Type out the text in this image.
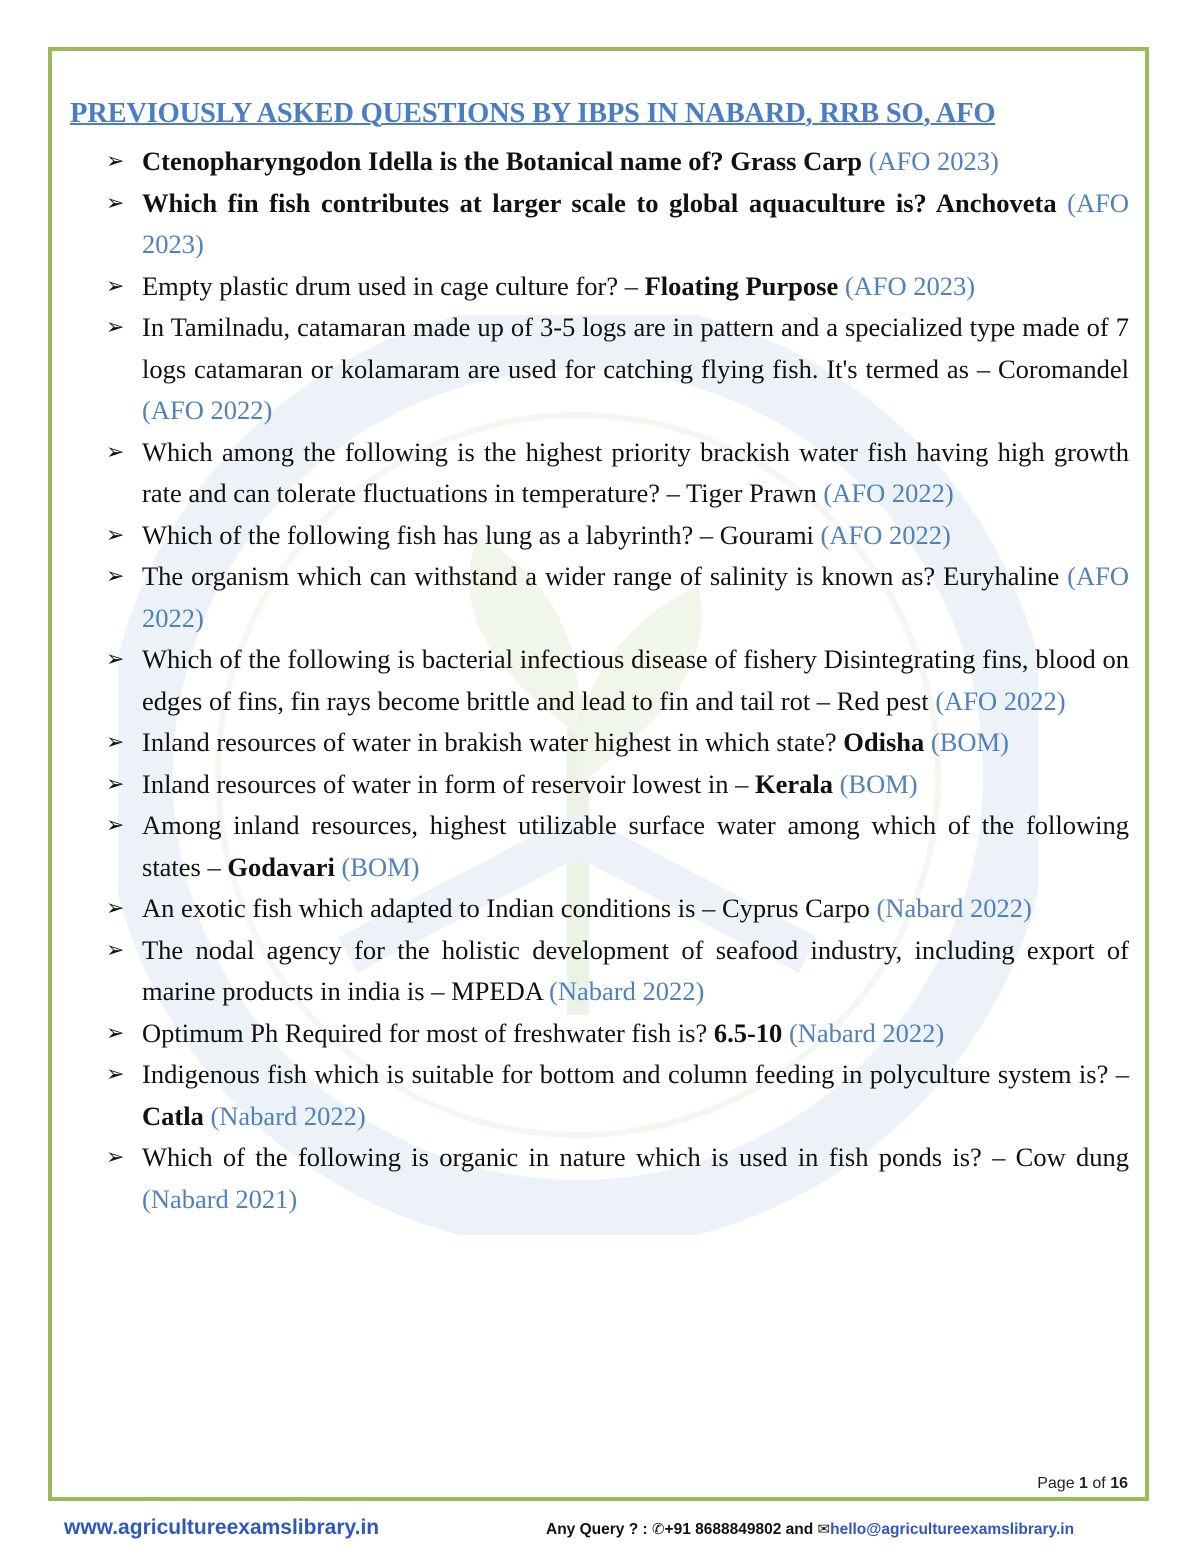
PREVIOUSLY ASKED QUESTIONS BY IBPS IN NABARD, RRB SO, AFO
➢ Ctenopharyngodon Idella is the Botanical name of? Grass Carp (AFO 2023)
➢ Which fin fish contributes at larger scale to global aquaculture is? Anchoveta (AFO 2023)
➢ Empty plastic drum used in cage culture for? – Floating Purpose (AFO 2023)
➢ In Tamilnadu, catamaran made up of 3-5 logs are in pattern and a specialized type made of 7 logs catamaran or kolamaram are used for catching flying fish. It's termed as – Coromandel (AFO 2022)
➢ Which among the following is the highest priority brackish water fish having high growth rate and can tolerate fluctuations in temperature? – Tiger Prawn (AFO 2022)
➢ Which of the following fish has lung as a labyrinth? – Gourami (AFO 2022)
➢ The organism which can withstand a wider range of salinity is known as? Euryhaline (AFO 2022)
➢ Which of the following is bacterial infectious disease of fishery Disintegrating fins, blood on edges of fins, fin rays become brittle and lead to fin and tail rot – Red pest (AFO 2022)
➢ Inland resources of water in brakish water highest in which state? Odisha (BOM)
➢ Inland resources of water in form of reservoir lowest in – Kerala (BOM)
➢ Among inland resources, highest utilizable surface water among which of the following states – Godavari (BOM)
➢ An exotic fish which adapted to Indian conditions is – Cyprus Carpo (Nabard 2022)
➢ The nodal agency for the holistic development of seafood industry, including export of marine products in india is – MPEDA (Nabard 2022)
➢ Optimum Ph Required for most of freshwater fish is? 6.5-10 (Nabard 2022)
➢ Indigenous fish which is suitable for bottom and column feeding in polyculture system is? – Catla (Nabard 2022)
➢ Which of the following is organic in nature which is used in fish ponds is? – Cow dung (Nabard 2021)
Page 1 of 16
www.agricultureexamslibrary.in	Any Query ? : ✆+91 8688849802 and ✉hello@agricultureexamslibrary.in
